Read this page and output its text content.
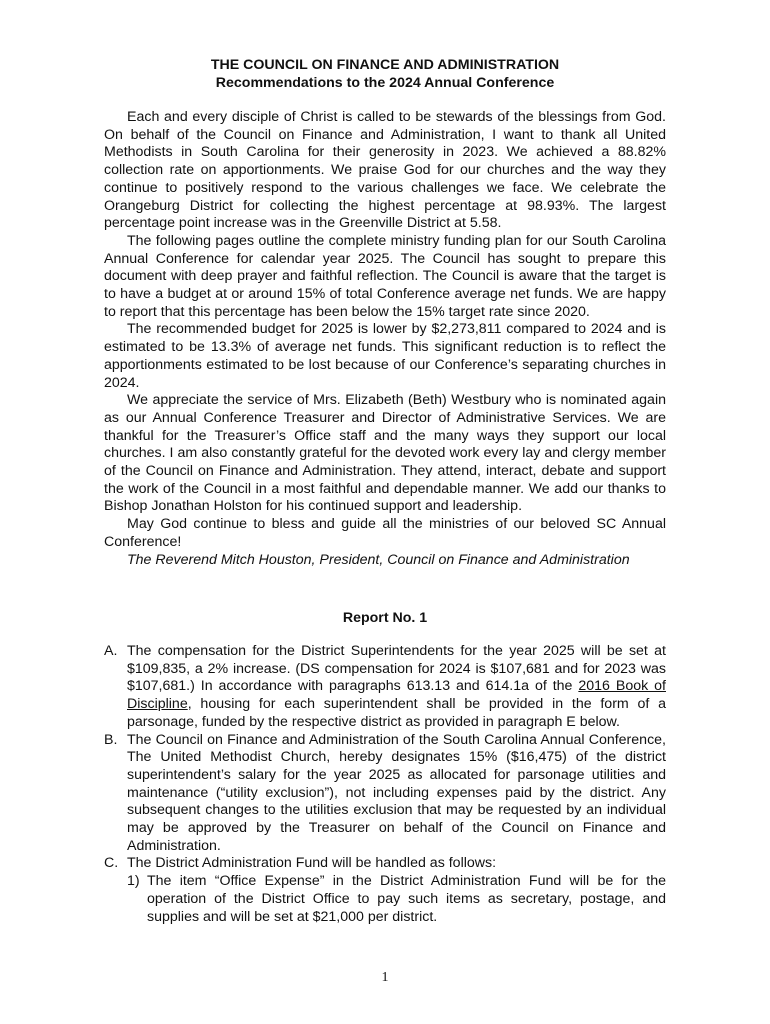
THE COUNCIL ON FINANCE AND ADMINISTRATION
Recommendations to the 2024 Annual Conference

Each and every disciple of Christ is called to be stewards of the blessings from God. On behalf of the Council on Finance and Administration, I want to thank all United Methodists in South Carolina for their generosity in 2023. We achieved a 88.82% collection rate on apportionments. We praise God for our churches and the way they continue to positively respond to the various challenges we face. We celebrate the Orangeburg District for collecting the highest percentage at 98.93%. The largest percentage point increase was in the Greenville District at 5.58.

The following pages outline the complete ministry funding plan for our South Carolina Annual Conference for calendar year 2025. The Council has sought to prepare this document with deep prayer and faithful reflection. The Council is aware that the target is to have a budget at or around 15% of total Conference average net funds. We are happy to report that this percentage has been below the 15% target rate since 2020.

The recommended budget for 2025 is lower by $2,273,811 compared to 2024 and is estimated to be 13.3% of average net funds. This significant reduction is to reflect the apportionments estimated to be lost because of our Conference’s separating churches in 2024.

We appreciate the service of Mrs. Elizabeth (Beth) Westbury who is nominated again as our Annual Conference Treasurer and Director of Administrative Services. We are thankful for the Treasurer’s Office staff and the many ways they support our local churches. I am also constantly grateful for the devoted work every lay and clergy member of the Council on Finance and Administration. They attend, interact, debate and support the work of the Council in a most faithful and dependable manner. We add our thanks to Bishop Jonathan Holston for his continued support and leadership.

May God continue to bless and guide all the ministries of our beloved SC Annual Conference!

The Reverend Mitch Houston, President, Council on Finance and Administration

Report No. 1
A. The compensation for the District Superintendents for the year 2025 will be set at $109,835, a 2% increase. (DS compensation for 2024 is $107,681 and for 2023 was $107,681.) In accordance with paragraphs 613.13 and 614.1a of the 2016 Book of Discipline, housing for each superintendent shall be provided in the form of a parsonage, funded by the respective district as provided in paragraph E below.
B. The Council on Finance and Administration of the South Carolina Annual Conference, The United Methodist Church, hereby designates 15% ($16,475) of the district superintendent’s salary for the year 2025 as allocated for parsonage utilities and maintenance (“utility exclusion”), not including expenses paid by the district. Any subsequent changes to the utilities exclusion that may be requested by an individual may be approved by the Treasurer on behalf of the Council on Finance and Administration.
C. The District Administration Fund will be handled as follows:
1) The item “Office Expense” in the District Administration Fund will be for the operation of the District Office to pay such items as secretary, postage, and supplies and will be set at $21,000 per district.
1
